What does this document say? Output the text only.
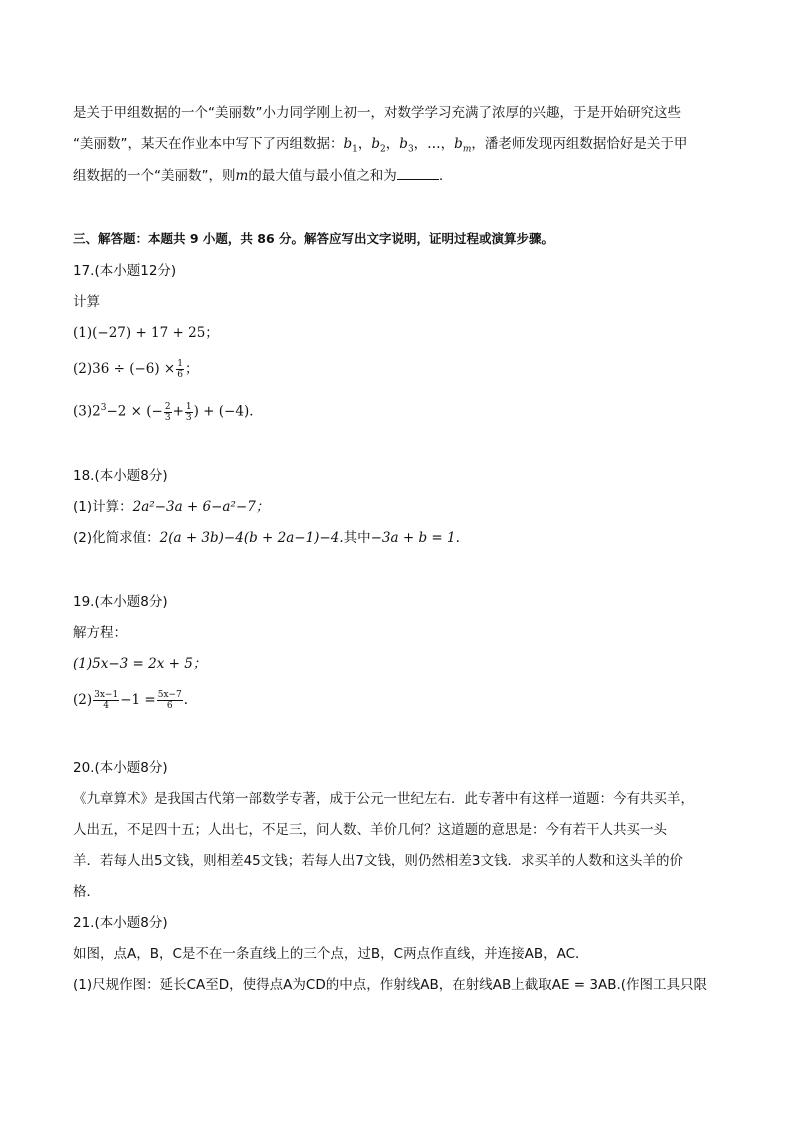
是关于甲组数据的一个“美丽数”小力同学刚上初一，对数学学习充满了浓厚的兴趣，于是开始研究这些
“美丽数”，某天在作业本中写下了丙组数据：$b_1$，$b_2$，$b_3$，…，$b_m$，潘老师发现丙组数据恰好是关于甲
组数据的一个“美丽数”，则m的最大值与最小值之和为	.
三、解答题：本题共 9 小题，共 86 分。解答应写出文字说明，证明过程或演算步骤。
17.(本小题12分)
计算
(1)(−27) + 17 + 25；
$(2)36 \div (-6) \times \frac{1}{6}$ ；
$(3)2^3-2$ × (− $\frac{2}{3} + \frac{1}{3}$ ) + (−4)．
18.(本小题8分)
(1)计算：2a²−3a + 6−a²−7；
(2)化简求值：2(a + 3b)−4(b + 2a−1)−4.其中−3a + b = 1.
19.(本小题8分)
解方程：
(1)5x−3 = 2x + 5；
$(2) \frac{3x-1}{4} -1 = \frac{5x-7}{6}$ .
20.(本小题8分)
《九章算术》是我国古代第一部数学专著，成于公元一世纪左右．此专著中有这样一道题：今有共买羊，
人出五，不足四十五；人出七，不足三，问人数、羊价几何？这道题的意思是：今有若干人共买一头
羊．若每人出5文钱，则相差45文钱；若每人出7文钱，则仍然相差3文钱．求买羊的人数和这头羊的价
格．
21.(本小题8分)
如图，点A，B，C是不在一条直线上的三个点，过B，C两点作直线，并连接AB，AC．
(1)尺规作图：延长CA至D，使得点A为CD的中点，作射线AB，在射线AB上截取AE = 3AB.(作图工具只限
